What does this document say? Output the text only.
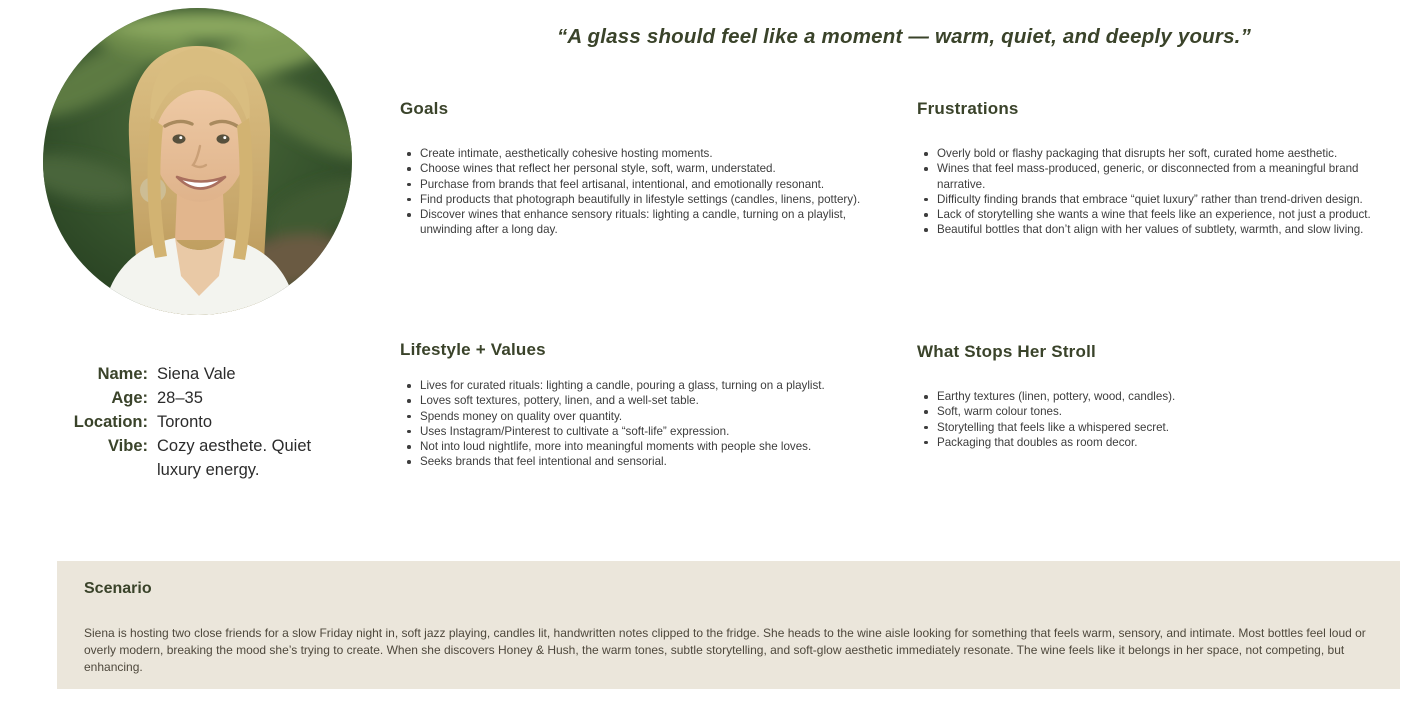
“A glass should feel like a moment — warm, quiet, and deeply yours.”
Name: Siena Vale
Age: 28–35
Location: Toronto
Vibe: Cozy aesthete. Quiet luxury energy.
Goals
Create intimate, aesthetically cohesive hosting moments.
Choose wines that reflect her personal style, soft, warm, understated.
Purchase from brands that feel artisanal, intentional, and emotionally resonant.
Find products that photograph beautifully in lifestyle settings (candles, linens, pottery).
Discover wines that enhance sensory rituals: lighting a candle, turning on a playlist, unwinding after a long day.
Frustrations
Overly bold or flashy packaging that disrupts her soft, curated home aesthetic.
Wines that feel mass-produced, generic, or disconnected from a meaningful brand narrative.
Difficulty finding brands that embrace “quiet luxury” rather than trend-driven design.
Lack of storytelling she wants a wine that feels like an experience, not just a product.
Beautiful bottles that don’t align with her values of subtlety, warmth, and slow living.
Lifestyle + Values
Lives for curated rituals: lighting a candle, pouring a glass, turning on a playlist.
Loves soft textures, pottery, linen, and a well-set table.
Spends money on quality over quantity.
Uses Instagram/Pinterest to cultivate a “soft-life” expression.
Not into loud nightlife, more into meaningful moments with people she loves.
Seeks brands that feel intentional and sensorial.
What Stops Her Stroll
Earthy textures (linen, pottery, wood, candles).
Soft, warm colour tones.
Storytelling that feels like a whispered secret.
Packaging that doubles as room decor.
Scenario

Siena is hosting two close friends for a slow Friday night in, soft jazz playing, candles lit, handwritten notes clipped to the fridge. She heads to the wine aisle looking for something that feels warm, sensory, and intimate. Most bottles feel loud or overly modern, breaking the mood she’s trying to create. When she discovers Honey & Hush, the warm tones, subtle storytelling, and soft-glow aesthetic immediately resonate. The wine feels like it belongs in her space, not competing, but enhancing.
